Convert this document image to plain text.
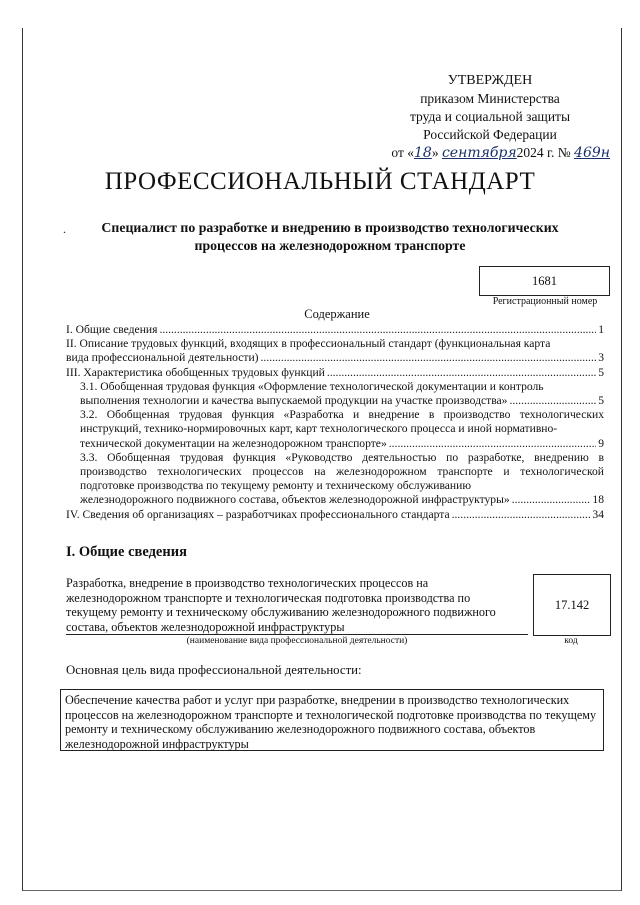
УТВЕРЖДЕН
приказом Министерства
труда и социальной защиты
Российской Федерации
от «18» сентября2024 г. № 469н
ПРОФЕССИОНАЛЬНЫЙ СТАНДАРТ
.	Специалист по разработке и внедрению в производство технологических
процессов на железнодорожном транспорте
1681
Регистрационный номер
Содержание
I. Общие сведения .....	1
II. Описание трудовых функций, входящих в профессиональный стандарт (функциональная карта
вида профессиональной деятельности) .....	3
III. Характеристика обобщенных трудовых функций .....	5
3.1. Обобщенная трудовая функция «Оформление технологической документации и контроль
выполнения технологии и качества выпускаемой продукции на участке производства» .....	5
3.2. Обобщенная трудовая функция «Разработка и внедрение в производство технологических инструкций, технико-нормировочных карт, карт технологического процесса и иной нормативно-
технической документации на железнодорожном транспорте» .....	9
3.3. Обобщенная трудовая функция «Руководство деятельностью по разработке, внедрению в производство технологических процессов на железнодорожном транспорте и технологической подготовке производства по текущему ремонту и техническому обслуживанию
железнодорожного подвижного состава, объектов железнодорожной инфраструктуры» .....	18
IV. Сведения об организациях – разработчиках профессионального стандарта .....	34
I. Общие сведения
Разработка, внедрение в производство технологических процессов на железнодорожном транспорте и технологическая подготовка производства по текущему ремонту и техническому обслуживанию железнодорожного подвижного состава, объектов железнодорожной инфраструктуры
(наименование вида профессиональной деятельности)
17.142
код
Основная цель вида профессиональной деятельности:
Обеспечение качества работ и услуг при разработке, внедрении в производство технологических процессов на железнодорожном транспорте и технологической подготовке производства по текущему ремонту и техническому обслуживанию железнодорожного подвижного состава, объектов железнодорожной инфраструктуры
